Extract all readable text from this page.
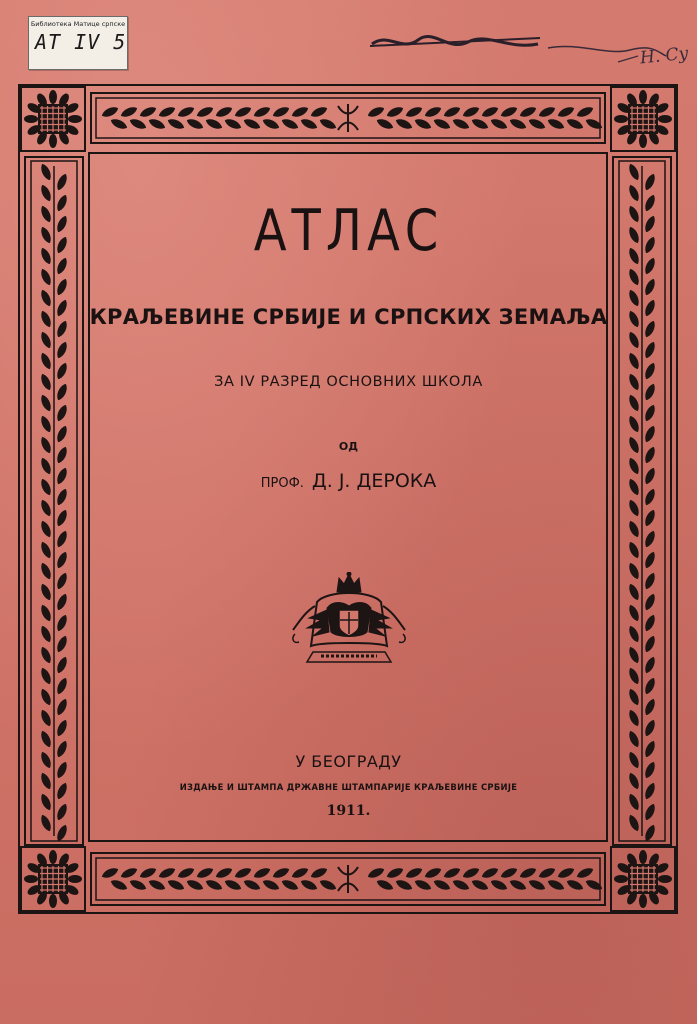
Библиотека Матице српске
AT IV 5
Н. Су
АТЛАС
КРАЉЕВИНЕ СРБИЈЕ И СРПСКИХ ЗЕМАЉА
ЗА IV РАЗРЕД ОСНОВНИХ ШКОЛА
ОД
ПРОФ. Д. Ј. ДЕРОКА
У БЕОГРАДУ
ИЗДАЊЕ И ШТАМПА ДРЖАВНЕ ШТАМПАРИЈЕ КРАЉЕВИНЕ СРБИЈЕ
1911.
